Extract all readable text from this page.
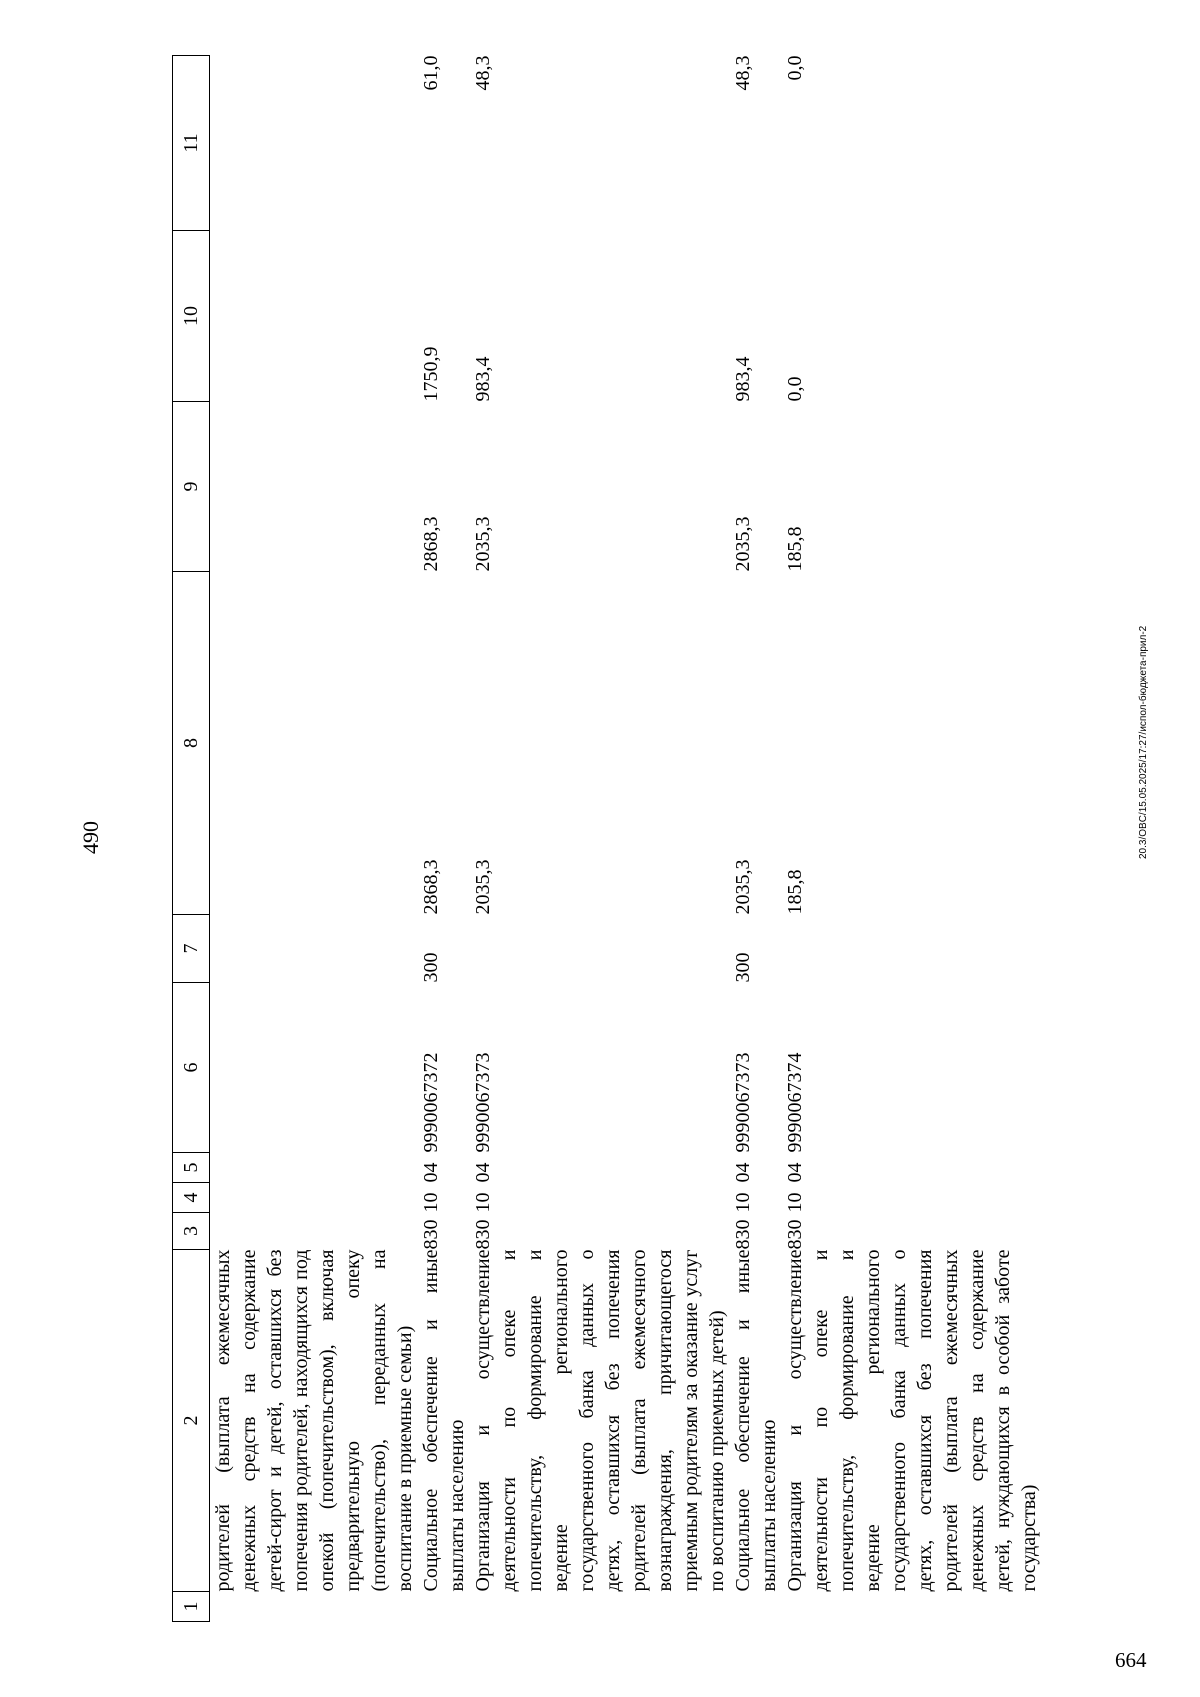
664
490
1	2	3	4	5	6	7	8	9	10	11
	родителей (выплата ежемесячных денежных средств на содержание детей-сирот и детей, оставшихся без попечения родителей, находящихся под опекой (попечительством), включая предварительную опеку (попечительство), переданных на воспитание в приемные семьи)									
	Социальное обеспечение и иные выплаты населению	830	10	04	9990067372	300	2868,3	2868,3	1750,9	61,0
	Организация и осуществление деятельности по опеке и попечительству, формирование и ведение регионального государственного банка данных о детях, оставшихся без попечения родителей (выплата ежемесячного вознаграждения, причитающегося приемным родителям за оказание услуг по воспитанию приемных детей)	830	10	04	9990067373		2035,3	2035,3	983,4	48,3
	Социальное обеспечение и иные выплаты населению	830	10	04	9990067373	300	2035,3	2035,3	983,4	48,3
	Организация и осуществление деятельности по опеке и попечительству, формирование и ведение регионального государственного банка данных о детях, оставшихся без попечения родителей (выплата ежемесячных денежных средств на содержание детей, нуждающихся в особой заботе государства)	830	10	04	9990067374		185,8	185,8	0,0	0,0
20.3/OBC/15.05.2025/17:27/испол-бюджета-прил-2
